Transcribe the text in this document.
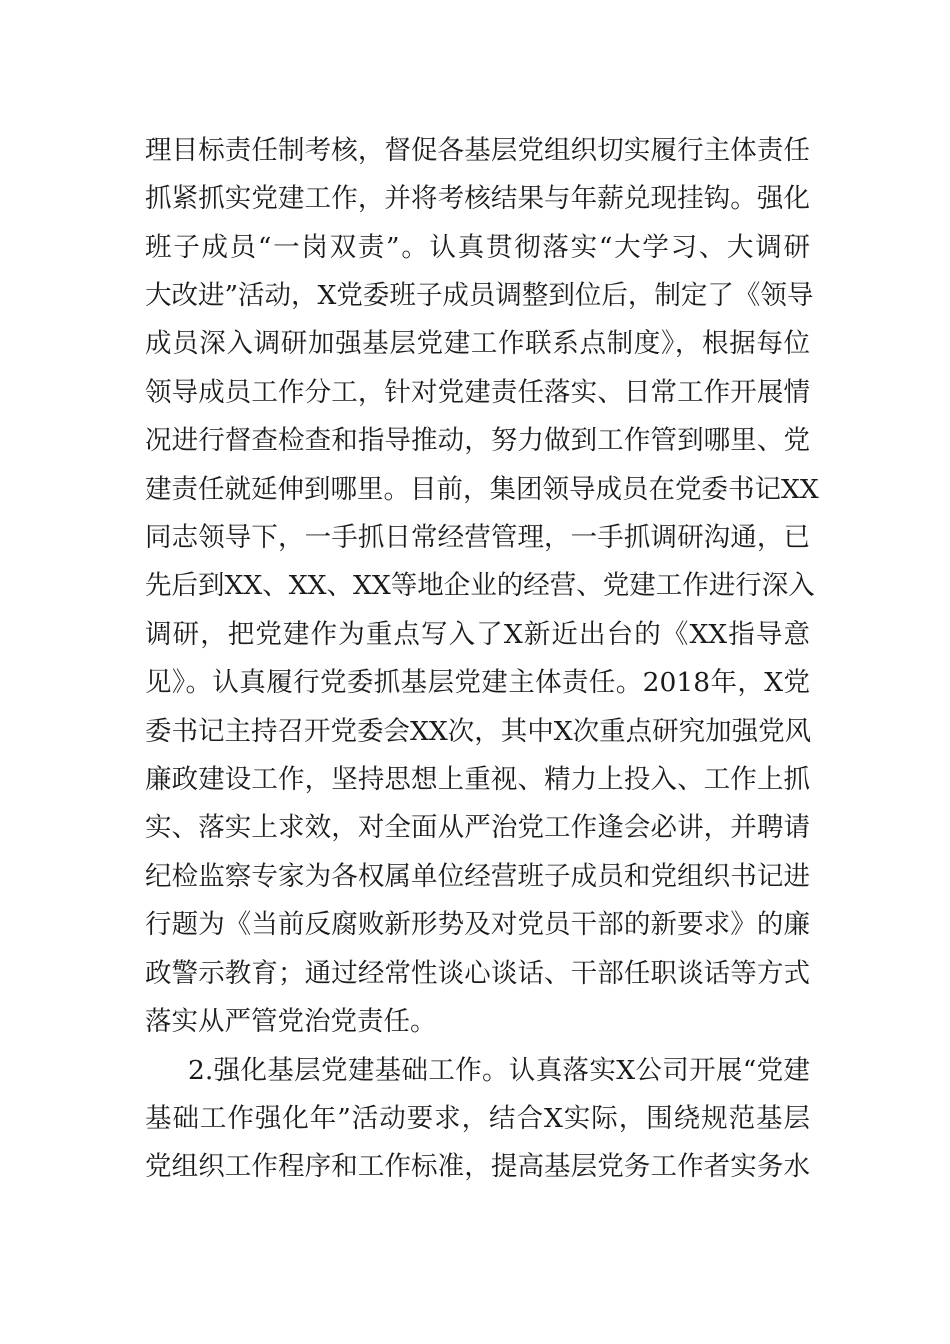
理目标责任制考核，督促各基层党组织切实履行主体责任
抓紧抓实党建工作，并将考核结果与年薪兑现挂钩。强化
班子成员“一岗双责”。认真贯彻落实“大学习、大调研
大改进”活动，X党委班子成员调整到位后，制定了《领导
成员深入调研加强基层党建工作联系点制度》，根据每位
领导成员工作分工，针对党建责任落实、日常工作开展情
况进行督查检查和指导推动，努力做到工作管到哪里、党
建责任就延伸到哪里。目前，集团领导成员在党委书记XX
同志领导下，一手抓日常经营管理，一手抓调研沟通，已
先后到XX、XX、XX等地企业的经营、党建工作进行深入
调研，把党建作为重点写入了X新近出台的《XX指导意
见》。认真履行党委抓基层党建主体责任。2018年，X党
委书记主持召开党委会XX次，其中X次重点研究加强党风
廉政建设工作，坚持思想上重视、精力上投入、工作上抓
实、落实上求效，对全面从严治党工作逢会必讲，并聘请
纪检监察专家为各权属单位经营班子成员和党组织书记进
行题为《当前反腐败新形势及对党员干部的新要求》的廉
政警示教育；通过经常性谈心谈话、干部任职谈话等方式
落实从严管党治党责任。
2.强化基层党建基础工作。认真落实X公司开展“党建
基础工作强化年”活动要求，结合X实际，围绕规范基层
党组织工作程序和工作标准，提高基层党务工作者实务水
